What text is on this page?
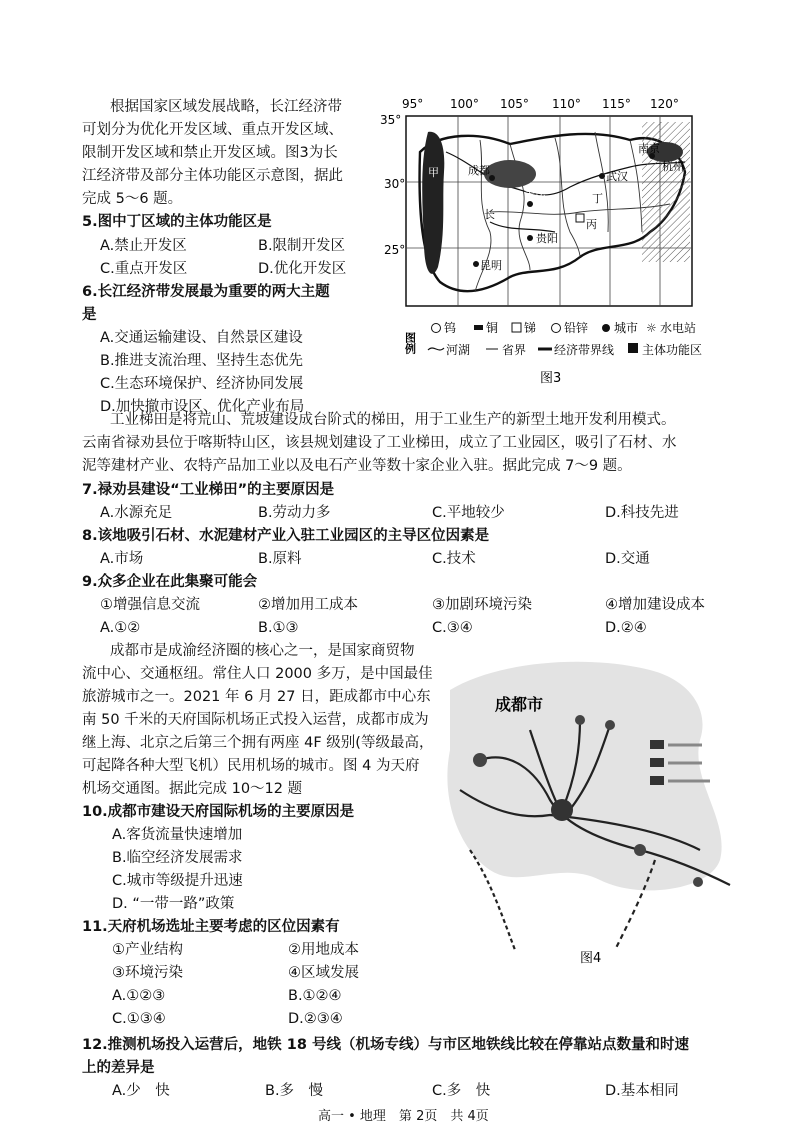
根据国家区域发展战略，长江经济带
可划分为优化开发区域、重点开发区域、
限制开发区域和禁止开发区域。图3为长
江经济带及部分主体功能区示意图，据此
完成 5～6 题。
5.图中丁区域的主体功能区是
A.禁止开发区	B.限制开发区
C.重点开发区	D.优化开发区
6.长江经济带发展最为重要的两大主题
是
A.交通运输建设、自然景区建设
B.推进支流治理、坚持生态优先
C.生态环境保护、经济协同发展
D.加快撤市设区、优化产业布局
95° 100° 105° 110° 115° 120°
35°
30°
25°
甲	成都
重庆
长
贵阳
昆明
武汉
南京
杭州
丙
丁
图例
钨 铜 锑 铅锌 城市 ☼ 水电站
河湖	省界 经济带界线 主体功能区
图3
工业梯田是将荒山、荒坡建设成台阶式的梯田，用于工业生产的新型土地开发利用模式。
云南省禄劝县位于喀斯特山区，该县规划建设了工业梯田，成立了工业园区，吸引了石材、水
泥等建材产业、农特产品加工业以及电石产业等数十家企业入驻。据此完成 7～9 题。
7.禄劝县建设“工业梯田”的主要原因是
A.水源充足	B.劳动力多	C.平地较少	D.科技先进
8.该地吸引石材、水泥建材产业入驻工业园区的主导区位因素是
A.市场	B.原料	C.技术	D.交通
9.众多企业在此集聚可能会
①增强信息交流	②增加用工成本	③加剧环境污染	④增加建设成本
A.①②	B.①③	C.③④	D.②④
成都市是成渝经济圈的核心之一，是国家商贸物
流中心、交通枢纽。常住人口 2000 多万，是中国最佳
旅游城市之一。2021 年 6 月 27 日，距成都市中心东
南 50 千米的天府国际机场正式投入运营，成都市成为
继上海、北京之后第三个拥有两座 4F 级别(等级最高，
可起降各种大型飞机）民用机场的城市。图 4 为天府
机场交通图。据此完成 10～12 题
10.成都市建设天府国际机场的主要原因是
A.客货流量快速增加
B.临空经济发展需求
C.城市等级提升迅速
D. “一带一路”政策
11.天府机场选址主要考虑的区位因素有
①产业结构	②用地成本
③环境污染	④区域发展
A.①②③	B.①②④
C.①③④	D.②③④
成都市
图4
12.推测机场投入运营后，地铁 18 号线（机场专线）与市区地铁线比较在停靠站点数量和时速
上的差异是
A.少　快	B.多　慢	C.多　快	D.基本相同
高一 • 地理　第 2页　共 4页
